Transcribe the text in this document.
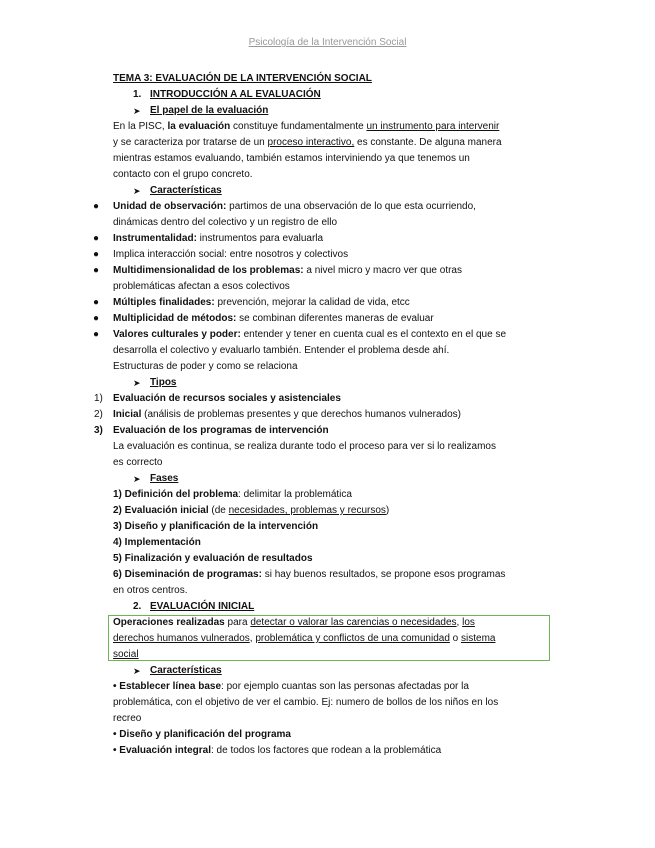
Psicología de la Intervención Social
TEMA 3: EVALUACIÓN DE LA INTERVENCIÓN SOCIAL
1. INTRODUCCIÓN A AL EVALUACIÓN
➤ El papel de la evaluación
En la PISC, la evaluación constituye fundamentalmente un instrumento para intervenir
y se caracteriza por tratarse de un proceso interactivo, es constante. De alguna manera
mientras estamos evaluando, también estamos interviniendo ya que tenemos un
contacto con el grupo concreto.
➤ Características
● Unidad de observación: partimos de una observación de lo que esta ocurriendo,
dinámicas dentro del colectivo y un registro de ello
● Instrumentalidad: instrumentos para evaluarla
● Implica interacción social: entre nosotros y colectivos
● Multidimensionalidad de los problemas: a nivel micro y macro ver que otras
problemáticas afectan a esos colectivos
● Múltiples finalidades: prevención, mejorar la calidad de vida, etcc
● Multiplicidad de métodos: se combinan diferentes maneras de evaluar
● Valores culturales y poder: entender y tener en cuenta cual es el contexto en el que se
desarrolla el colectivo y evaluarlo también. Entender el problema desde ahí.
Estructuras de poder y como se relaciona
➤ Tipos
1) Evaluación de recursos sociales y asistenciales
2) Inicial (análisis de problemas presentes y que derechos humanos vulnerados)
3) Evaluación de los programas de intervención
La evaluación es continua, se realiza durante todo el proceso para ver si lo realizamos
es correcto
➤ Fases
1) Definición del problema: delimitar la problemática
2) Evaluación inicial (de necesidades, problemas y recursos)
3) Diseño y planificación de la intervención
4) Implementación
5) Finalización y evaluación de resultados
6) Diseminación de programas: si hay buenos resultados, se propone esos programas
en otros centros.
2. EVALUACIÓN INICIAL
Operaciones realizadas para detectar o valorar las carencias o necesidades, los
derechos humanos vulnerados, problemática y conflictos de una comunidad o sistema
social
➤ Características
• Establecer línea base: por ejemplo cuantas son las personas afectadas por la
problemática, con el objetivo de ver el cambio. Ej: numero de bollos de los niños en los
recreo
• Diseño y planificación del programa
• Evaluación integral: de todos los factores que rodean a la problemática
